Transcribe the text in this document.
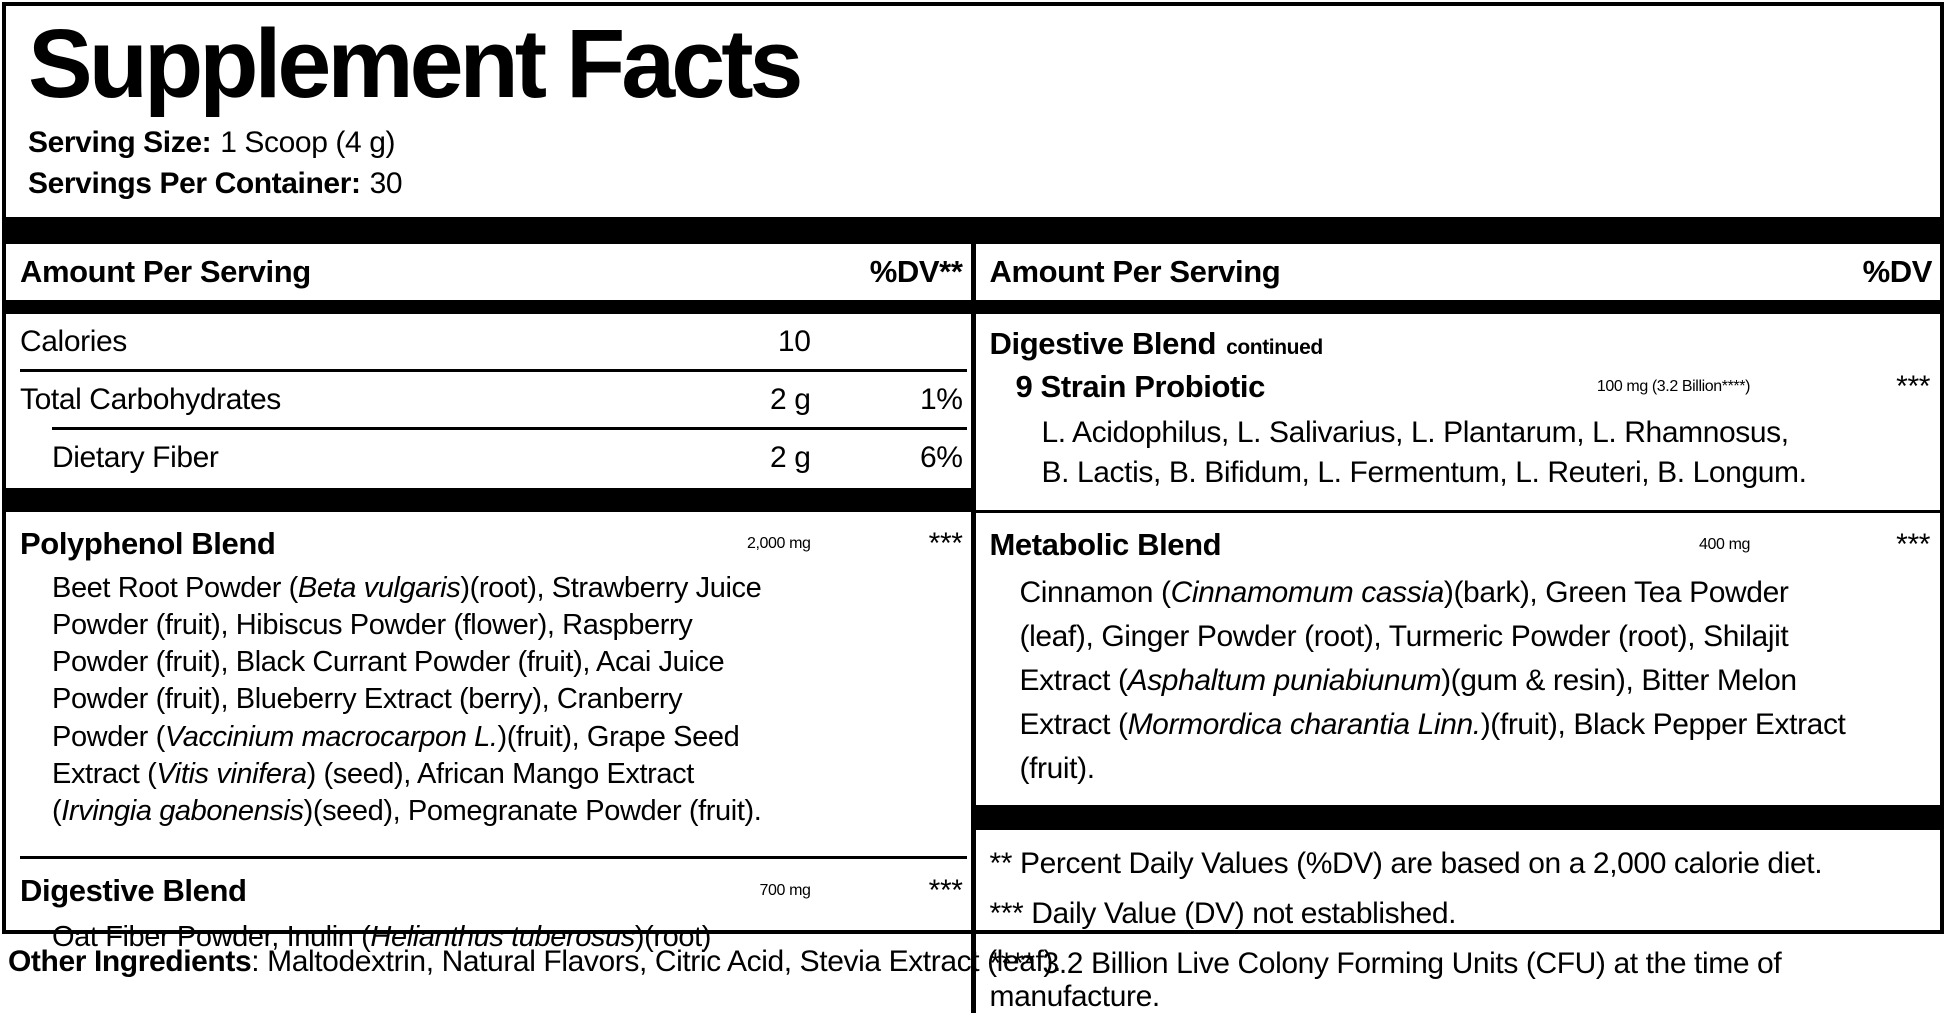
Supplement Facts
Serving Size: 1 Scoop (4 g)
Servings Per Container: 30
Amount Per Serving	%DV**
Calories	10
Total Carbohydrates	2 g	1%
Dietary Fiber	2 g	6%
Polyphenol Blend	2,000 mg	***
Beet Root Powder (Beta vulgaris)(root), Strawberry Juice Powder (fruit), Hibiscus Powder (flower), Raspberry Powder (fruit), Black Currant Powder (fruit), Acai Juice Powder (fruit), Blueberry Extract (berry), Cranberry Powder (Vaccinium macrocarpon L.)(fruit), Grape Seed Extract (Vitis vinifera) (seed), African Mango Extract (Irvingia gabonensis)(seed), Pomegranate Powder (fruit).
Digestive Blend	700 mg	***
Oat Fiber Powder, Inulin (Helianthus tuberosus)(root)
Amount Per Serving	%DV
Digestive Blend continued
9 Strain Probiotic	100 mg (3.2 Billion****)	***
L. Acidophilus, L. Salivarius, L. Plantarum, L. Rhamnosus, B. Lactis, B. Bifidum, L. Fermentum, L. Reuteri, B. Longum.
Metabolic Blend	400 mg	***
Cinnamon (Cinnamomum cassia)(bark), Green Tea Powder (leaf), Ginger Powder (root), Turmeric Powder (root), Shilajit Extract (Asphaltum puniabiunum)(gum & resin), Bitter Melon Extract (Mormordica charantia Linn.)(fruit), Black Pepper Extract (fruit).
** Percent Daily Values (%DV) are based on a 2,000 calorie diet.
*** Daily Value (DV) not established.
**** 3.2 Billion Live Colony Forming Units (CFU) at the time of manufacture.
Other Ingredients: Maltodextrin, Natural Flavors, Citric Acid, Stevia Extract (leaf).
